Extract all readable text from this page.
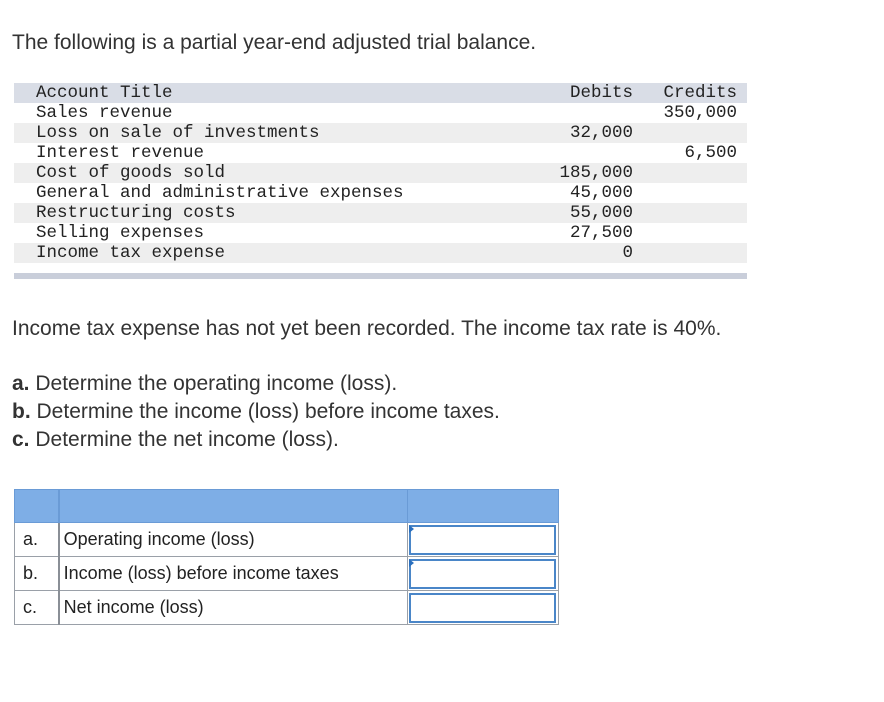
The following is a partial year-end adjusted trial balance.

Account Title	Debits	Credits
Sales revenue		350,000
Loss on sale of investments	32,000	
Interest revenue		6,500
Cost of goods sold	185,000	
General and administrative expenses	45,000	
Restructuring costs	55,000	
Selling expenses	27,500	
Income tax expense	0	

Income tax expense has not yet been recorded. The income tax rate is 40%.

a. Determine the operating income (loss).
b. Determine the income (loss) before income taxes.
c. Determine the net income (loss).

a.	Operating income (loss)	

b.	Income (loss) before income taxes	

c.	Net income (loss)	
